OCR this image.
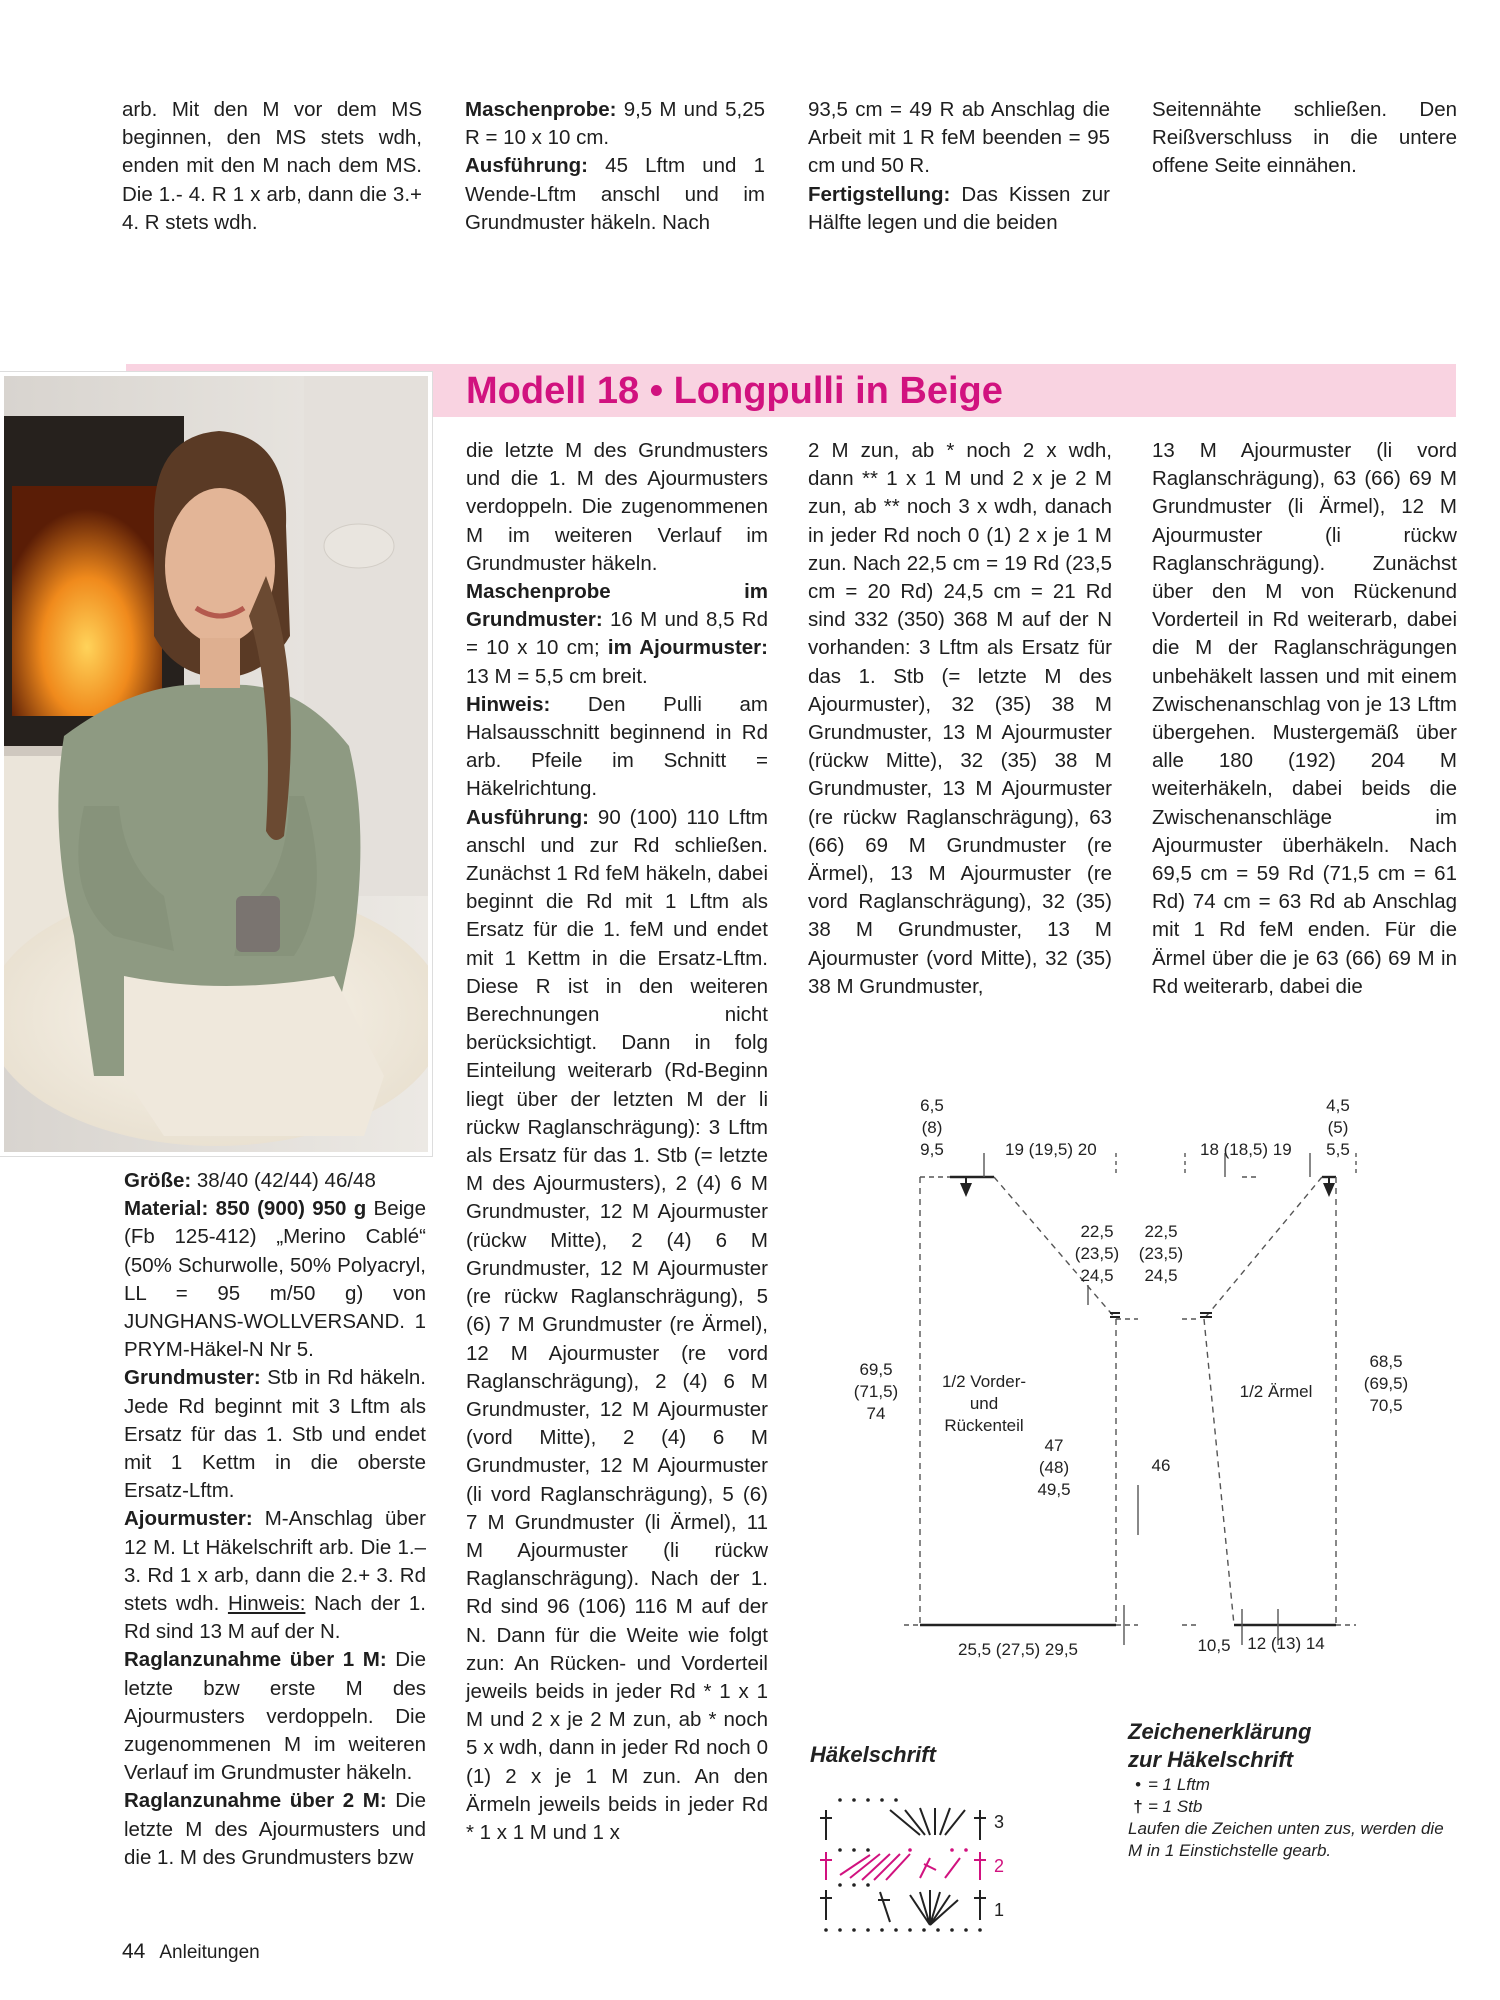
arb. Mit den M vor dem MS beginnen, den MS stets wdh, enden mit den M nach dem MS. Die 1.- 4. R 1 x arb, dann die 3.+ 4. R stets wdh.

Maschenprobe: 9,5 M und 5,25 R = 10 x 10 cm.
Ausführung: 45 Lftm und 1 Wende-Lftm anschl und im Grundmuster häkeln. Nach

93,5 cm = 49 R ab Anschlag die Arbeit mit 1 R feM beenden = 95 cm und 50 R.
Fertigstellung: Das Kissen zur Hälfte legen und die beiden

Seitennähte schließen. Den Reißverschluss in die untere offene Seite einnähen.

Modell 18 • Longpulli in Beige

Größe: 38/40 (42/44) 46/48
Material: 850 (900) 950 g Beige (Fb 125-412) „Merino Cablé“ (50% Schurwolle, 50% Polyacryl, LL = 95 m/50 g) von JUNGHANS-WOLLVERSAND. 1 PRYM-Häkel-N Nr 5.
Grundmuster: Stb in Rd häkeln. Jede Rd beginnt mit 3 Lftm als Ersatz für das 1. Stb und endet mit 1 Kettm in die oberste Ersatz-Lftm.
Ajourmuster: M-Anschlag über 12 M. Lt Häkelschrift arb. Die 1.– 3. Rd 1 x arb, dann die 2.+ 3. Rd stets wdh. Hinweis: Nach der 1. Rd sind 13 M auf der N.
Raglanzunahme über 1 M: Die letzte bzw erste M des Ajourmusters verdoppeln. Die zugenommenen M im weiteren Verlauf im Grundmuster häkeln.
Raglanzunahme über 2 M: Die letzte M des Ajourmusters und die 1. M des Grundmusters bzw

die letzte M des Grundmusters und die 1. M des Ajourmusters verdoppeln. Die zugenommenen M im weiteren Verlauf im Grundmuster häkeln.
Maschenprobe im Grundmuster: 16 M und 8,5 Rd = 10 x 10 cm; im Ajourmuster: 13 M = 5,5 cm breit.
Hinweis: Den Pulli am Halsausschnitt beginnend in Rd arb. Pfeile im Schnitt = Häkelrichtung.
Ausführung: 90 (100) 110 Lftm anschl und zur Rd schließen. Zunächst 1 Rd feM häkeln, dabei beginnt die Rd mit 1 Lftm als Ersatz für die 1. feM und endet mit 1 Kettm in die Ersatz-Lftm. Diese R ist in den weiteren Berechnungen nicht berücksichtigt. Dann in folg Einteilung weiterarb (Rd-Beginn liegt über der letzten M der li rückw Raglanschrägung): 3 Lftm als Ersatz für das 1. Stb (= letzte M des Ajourmusters), 2 (4) 6 M Grundmuster, 12 M Ajourmuster (rückw Mitte), 2 (4) 6 M Grundmuster, 12 M Ajourmuster (re rückw Raglanschrägung), 5 (6) 7 M Grundmuster (re Ärmel), 12 M Ajourmuster (re vord Raglanschrägung), 2 (4) 6 M Grundmuster, 12 M Ajourmuster (vord Mitte), 2 (4) 6 M Grundmuster, 12 M Ajourmuster (li vord Raglanschrägung), 5 (6) 7 M Grundmuster (li Ärmel), 11 M Ajourmuster (li rückw Raglanschrägung). Nach der 1. Rd sind 96 (106) 116 M auf der N. Dann für die Weite wie folgt zun: An Rücken- und Vorderteil jeweils beids in jeder Rd * 1 x 1 M und 2 x je 2 M zun, ab * noch 5 x wdh, dann in jeder Rd noch 0 (1) 2 x je 1 M zun. An den Ärmeln jeweils beids in jeder Rd * 1 x 1 M und 1 x

2 M zun, ab * noch 2 x wdh, dann ** 1 x 1 M und 2 x je 2 M zun, ab ** noch 3 x wdh, danach in jeder Rd noch 0 (1) 2 x je 1 M zun. Nach 22,5 cm = 19 Rd (23,5 cm = 20 Rd) 24,5 cm = 21 Rd sind 332 (350) 368 M auf der N vorhanden: 3 Lftm als Ersatz für das 1. Stb (= letzte M des Ajourmuster), 32 (35) 38 M Grundmuster, 13 M Ajourmuster (rückw Mitte), 32 (35) 38 M Grundmuster, 13 M Ajourmuster (re rückw Raglanschrägung), 63 (66) 69 M Grundmuster (re Ärmel), 13 M Ajourmuster (re vord Raglanschrägung), 32 (35) 38 M Grundmuster, 13 M Ajourmuster (vord Mitte), 32 (35) 38 M Grundmuster,

13 M Ajourmuster (li vord Raglanschrägung), 63 (66) 69 M Grundmuster (li Ärmel), 12 M Ajourmuster (li rückw Raglanschrägung). Zunächst über den M von Rückenund Vorderteil in Rd weiterarb, dabei die M der Raglanschrägungen unbehäkelt lassen und mit einem Zwischenanschlag von je 13 Lftm übergehen. Mustergemäß über alle 180 (192) 204 M weiterhäkeln, dabei beids die Zwischenanschläge im Ajourmuster überhäkeln. Nach 69,5 cm = 59 Rd (71,5 cm = 61 Rd) 74 cm = 63 Rd ab Anschlag mit 1 Rd feM enden. Für die Ärmel über die je 63 (66) 69 M in Rd weiterarb, dabei die

6,5
(8)
9,5	19 (19,5) 20
22,5
(23,5)
24,5
69,5
(71,5)
74
1/2 Vorder-
und
Rückenteil
47
(48)
49,5
25,5 (27,5) 29,5
18 (18,5) 19
4,5
(5)
5,5
22,5
(23,5)
24,5
1/2 Ärmel
68,5
(69,5)
70,5
46
10,5 12 (13) 14
Häkelschrift
3
2
1
Zeichenerklärung
zur Häkelschrift
• = 1 Lftm
† = 1 Stb
Laufen die Zeichen unten zus, werden die M in 1 Einstichstelle gearb.
44 Anleitungen
